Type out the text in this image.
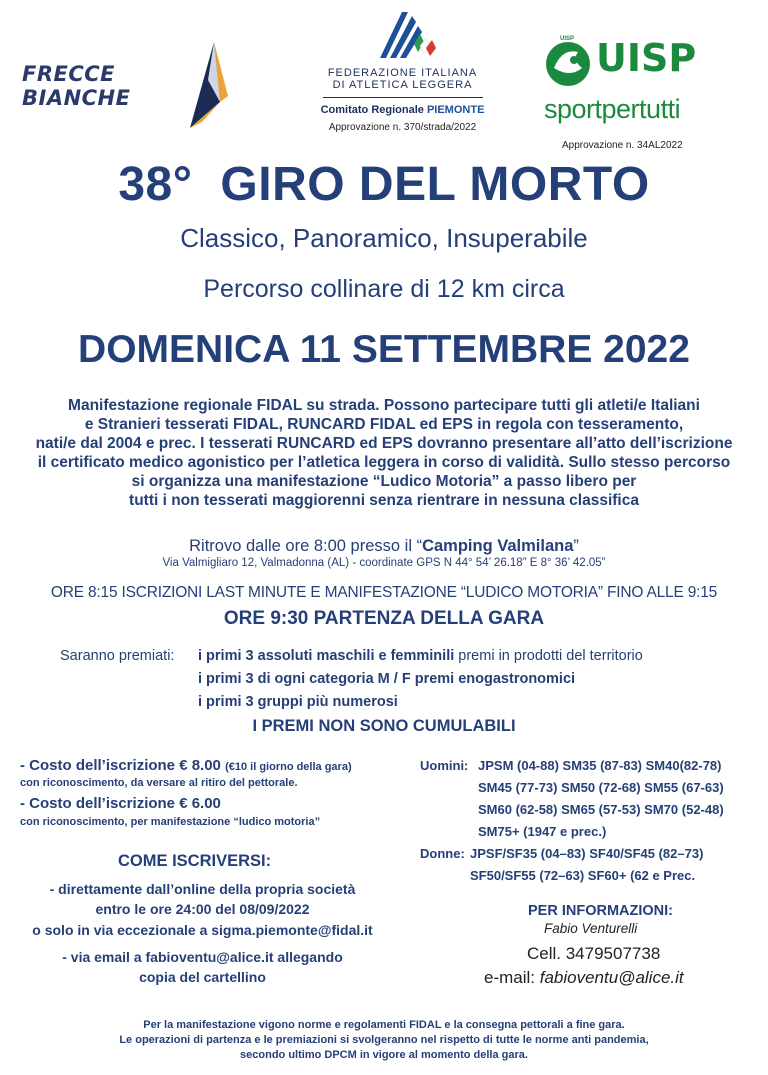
FRECCE
BIANCHE
FEDERAZIONE ITALIANA
DI ATLETICA LEGGERA
Comitato Regionale PIEMONTE
Approvazione n. 370/strada/2022
UISP UISP
sportpertutti
Approvazione n. 34AL2022
38° GIRO DEL MORTO
Classico, Panoramico, Insuperabile
Percorso collinare di 12 km circa
DOMENICA 11 SETTEMBRE 2022
Manifestazione regionale FIDAL su strada. Possono partecipare tutti gli atleti/e Italiani
e Stranieri tesserati FIDAL, RUNCARD FIDAL ed EPS in regola con tesseramento,
nati/e dal 2004 e prec. I tesserati RUNCARD ed EPS dovranno presentare all’atto dell’iscrizione
il certificato medico agonistico per l’atletica leggera in corso di validità. Sullo stesso percorso
si organizza una manifestazione “Ludico Motoria” a passo libero per
tutti i non tesserati maggiorenni senza rientrare in nessuna classifica
Ritrovo dalle ore 8:00 presso il “Camping Valmilana”
Via Valmigliaro 12, Valmadonna (AL) - coordinate GPS N 44° 54’ 26.18” E 8° 36’ 42.05”
ORE 8:15 ISCRIZIONI LAST MINUTE E MANIFESTAZIONE “LUDICO MOTORIA” FINO ALLE 9:15
ORE 9:30 PARTENZA DELLA GARA
Saranno premiati: i primi 3 assoluti maschili e femminili premi in prodotti del territorio
i primi 3 di ogni categoria M / F premi enogastronomici
i primi 3 gruppi più numerosi
I PREMI NON SONO CUMULABILI
- Costo dell’iscrizione € 8.00 (€10 il giorno della gara)
con riconoscimento, da versare al ritiro del pettorale.
- Costo dell’iscrizione € 6.00
con riconoscimento, per manifestazione “ludico motoria”
COME ISCRIVERSI:
- direttamente dall’online della propria società
entro le ore 24:00 del 08/09/2022
o solo in via eccezionale a sigma.piemonte@fidal.it
- via email a fabioventu@alice.it allegando
copia del cartellino
Uomini: JPSM (04-88) SM35 (87-83) SM40(82-78)
SM45 (77-73) SM50 (72-68) SM55 (67-63)
SM60 (62-58) SM65 (57-53) SM70 (52-48)
SM75+ (1947 e prec.)
Donne: JPSF/SF35 (04–83) SF40/SF45 (82–73)
SF50/SF55 (72–63) SF60+ (62 e Prec.
PER INFORMAZIONI:
Fabio Venturelli
Cell. 3479507738
e-mail: fabioventu@alice.it
Per la manifestazione vigono norme e regolamenti FIDAL e la consegna pettorali a fine gara.
Le operazioni di partenza e le premiazioni si svolgeranno nel rispetto di tutte le norme anti pandemia,
secondo ultimo DPCM in vigore al momento della gara.
